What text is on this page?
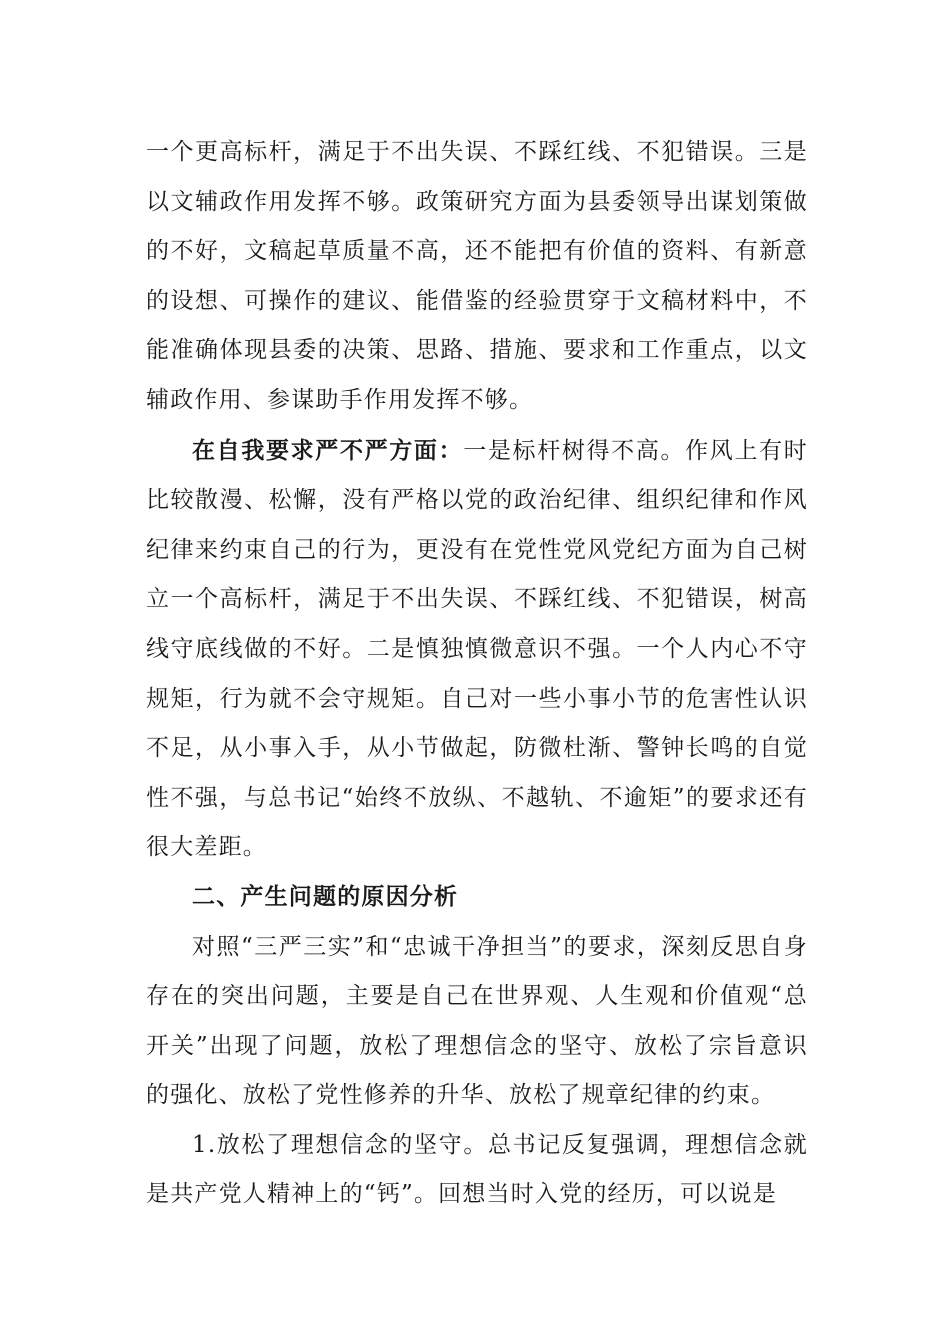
一个更高标杆，满足于不出失误、不踩红线、不犯错误。三是以文辅政作用发挥不够。政策研究方面为县委领导出谋划策做的不好，文稿起草质量不高，还不能把有价值的资料、有新意的设想、可操作的建议、能借鉴的经验贯穿于文稿材料中，不能准确体现县委的决策、思路、措施、要求和工作重点，以文辅政作用、参谋助手作用发挥不够。

在自我要求严不严方面：一是标杆树得不高。作风上有时比较散漫、松懈，没有严格以党的政治纪律、组织纪律和作风纪律来约束自己的行为，更没有在党性党风党纪方面为自己树立一个高标杆，满足于不出失误、不踩红线、不犯错误，树高线守底线做的不好。二是慎独慎微意识不强。一个人内心不守规矩，行为就不会守规矩。自己对一些小事小节的危害性认识不足，从小事入手，从小节做起，防微杜渐、警钟长鸣的自觉性不强，与总书记“始终不放纵、不越轨、不逾矩”的要求还有很大差距。

二、产生问题的原因分析

对照“三严三实”和“忠诚干净担当”的要求，深刻反思自身存在的突出问题，主要是自己在世界观、人生观和价值观“总开关”出现了问题，放松了理想信念的坚守、放松了宗旨意识的强化、放松了党性修养的升华、放松了规章纪律的约束。

1.放松了理想信念的坚守。总书记反复强调，理想信念就是共产党人精神上的“钙”。回想当时入党的经历，可以说是
